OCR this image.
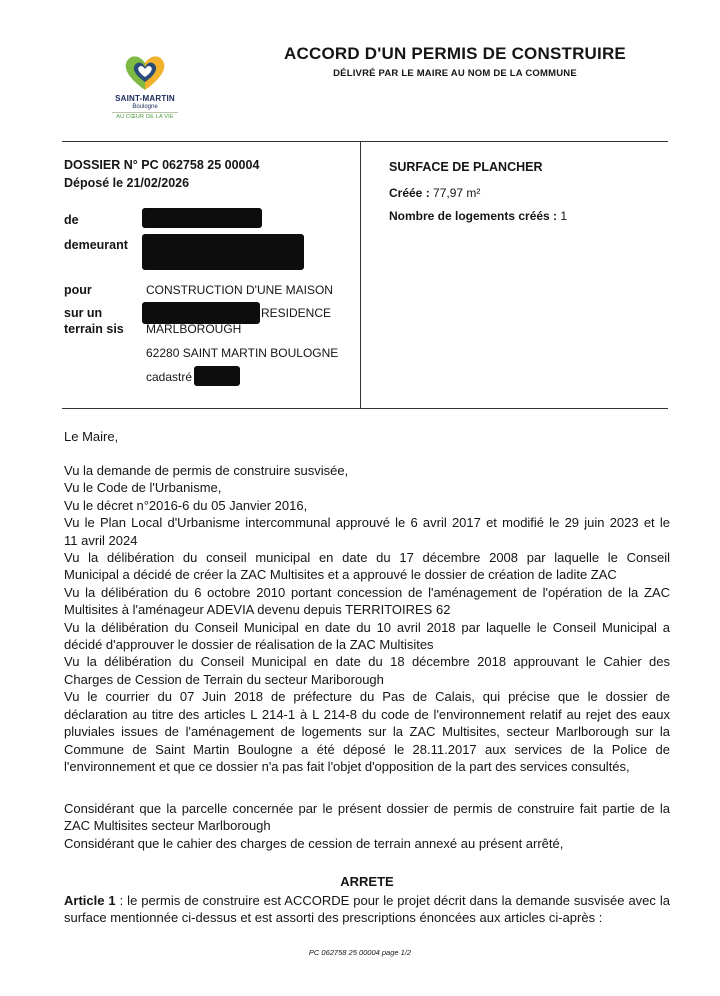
SAINT-MARTIN
Boulogne
AU CŒUR DE LA VIE
ACCORD D'UN PERMIS DE CONSTRUIRE
DÉLIVRÉ PAR LE MAIRE AU NOM DE LA COMMUNE
DOSSIER N° PC 062758 25 00004
Déposé le 21/02/2026
de
demeurant
pour	CONSTRUCTION D'UNE MAISON
sur un
terrain sis
RESIDENCE
MARLBOROUGH
62280 SAINT MARTIN BOULOGNE
cadastré
SURFACE DE PLANCHER
Créée : 77,97 m²
Nombre de logements créés : 1
Le Maire,
Vu la demande de permis de construire susvisée,
Vu le Code de l'Urbanisme,
Vu le décret n°2016-6 du 05 Janvier 2016,
Vu le Plan Local d'Urbanisme intercommunal approuvé le 6 avril 2017 et modifié le 29 juin 2023 et le
11 avril 2024
Vu la délibération du conseil municipal en date du 17 décembre 2008 par laquelle le Conseil
Municipal a décidé de créer la ZAC Multisites et a approuvé le dossier de création de ladite ZAC
Vu la délibération du 6 octobre 2010 portant concession de l'aménagement de l'opération de la ZAC
Multisites à l'aménageur ADEVIA devenu depuis TERRITOIRES 62
Vu la délibération du Conseil Municipal en date du 10 avril 2018 par laquelle le Conseil Municipal a
décidé d'approuver le dossier de réalisation de la ZAC Multisites
Vu la délibération du Conseil Municipal en date du 18 décembre 2018 approuvant le Cahier des
Charges de Cession de Terrain du secteur Mariborough
Vu le courrier du 07 Juin 2018 de préfecture du Pas de Calais, qui précise que le dossier de
déclaration au titre des articles L 214-1 à L 214-8 du code de l'environnement relatif au rejet des eaux
pluviales issues de l'aménagement de logements sur la ZAC Multisites, secteur Marlborough sur la
Commune de Saint Martin Boulogne a été déposé le 28.11.2017 aux services de la Police de
l'environnement et que ce dossier n'a pas fait l'objet d'opposition de la part des services consultés,
Considérant que la parcelle concernée par le présent dossier de permis de construire fait partie de la
ZAC Multisites secteur Marlborough
Considérant que le cahier des charges de cession de terrain annexé au présent arrêté,
ARRETE
Article 1 : le permis de construire est ACCORDE pour le projet décrit dans la demande susvisée avec la
surface mentionnée ci-dessus et est assorti des prescriptions énoncées aux articles ci-après :
PC 062758 25 00004 page 1/2
